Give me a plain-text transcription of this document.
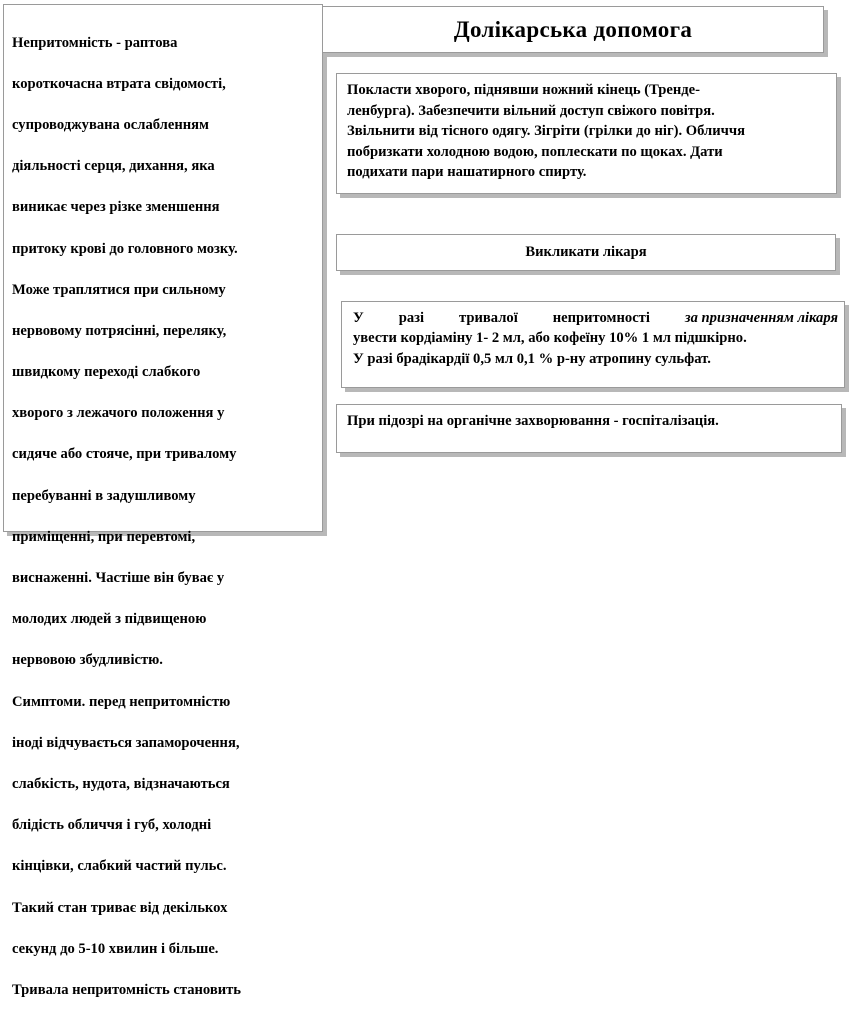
Непритомність - раптова

короткочасна втрата свідомості,

супроводжувана ослабленням

діяльності серця, дихання, яка

виникає через різке зменшення

притоку крові до головного мозку.

Може траплятися при сильному

нервовому потрясінні, переляку,

швидкому переході слабкого

хворого з лежачого положення у

сидяче або стояче, при тривалому

перебуванні в задушливому

приміщенні, при перевтомі,

виснаженні. Частіше він буває у

молодих людей з підвищеною

нервовою збудливістю.

Симптоми. перед непритомністю

іноді відчувається запаморочення,

слабкість, нудота, відзначаються

блідість обличчя і губ, холодні

кінцівки, слабкий частий пульс.

Такий стан триває від декількох

секунд до 5-10 хвилин і більше.

Тривала непритомність становить

Долікарська допомога
Покласти хворого, піднявши ножний кінець (Тренде-
ленбурга). Забезпечити вільний доступ свіжого повітря.
Звільнити від тісного одягу. Зігріти (грілки до ніг). Обличчя
побризкати холодною водою, поплескати по щоках. Дати
подихати пари нашатирного спирту.
Викликати лікаря
У разі тривалої непритомності за призначенням лікаря
увести кордіаміну 1- 2 мл, або кофеїну 10% 1 мл підшкірно.
У разі брадікардії 0,5 мл 0,1 % р-ну атропину сульфат.
При підозрі на органічне захворювання - госпіталізація.
